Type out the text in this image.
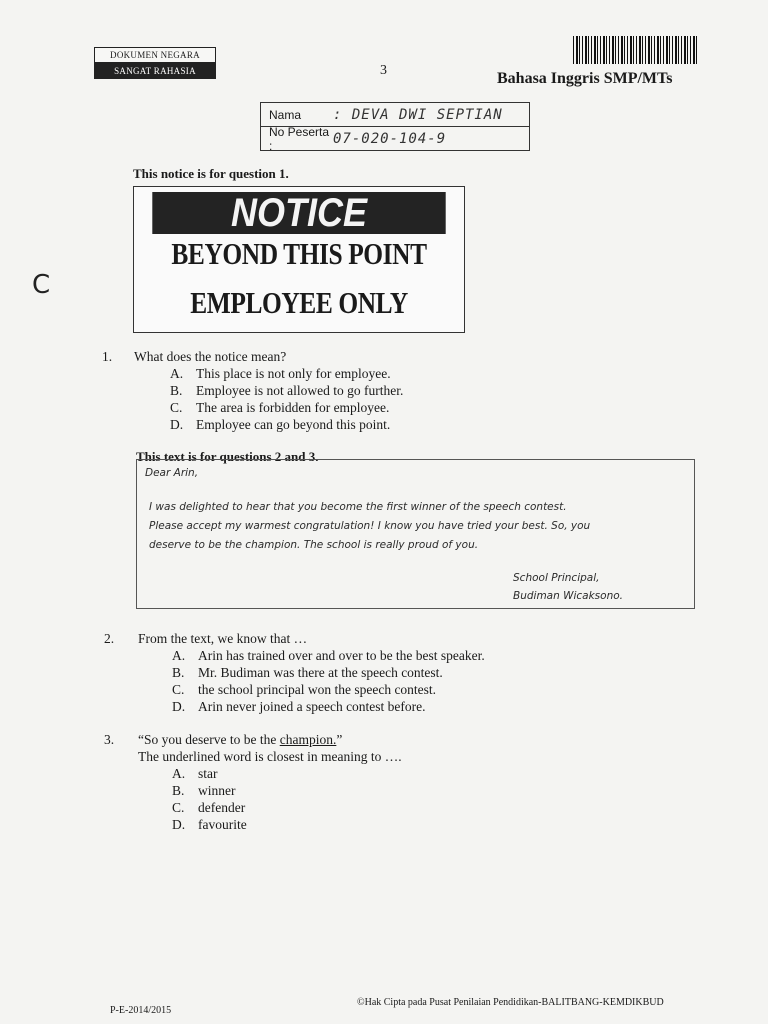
DOKUMEN NEGARA
SANGAT RAHASIA	3	Bahasa Inggris SMP/MTs
Nama	: DEVA DWI SEPTIAN
No Peserta :	07-020-104-9
This notice is for question 1.
NOTICE
BEYOND THIS POINT
EMPLOYEE ONLY
C
1.	What does the notice mean?
A. This place is not only for employee.
B.	Employee is not allowed to go further.
C.	The area is forbidden for employee.
D. Employee can go beyond this point.
This text is for questions 2 and 3.
Dear Arin,
I was delighted to hear that you become the first winner of the speech contest.
Please accept my warmest congratulation! I know you have tried your best. So, you
deserve to be the champion. The school is really proud of you.
School Principal,
Budiman Wicaksono.
2.	From the text, we know that …
A. Arin has trained over and over to be the best speaker.
B.	Mr. Budiman was there at the speech contest.
C.	the school principal won the speech contest.
D. Arin never joined a speech contest before.
3.	“So you deserve to be the champion.”
The underlined word is closest in meaning to ….
A. star
B.	winner
C.	defender
D. favourite
P-E-2014/2015
©Hak Cipta pada Pusat Penilaian Pendidikan-BALITBANG-KEMDIKBUD
